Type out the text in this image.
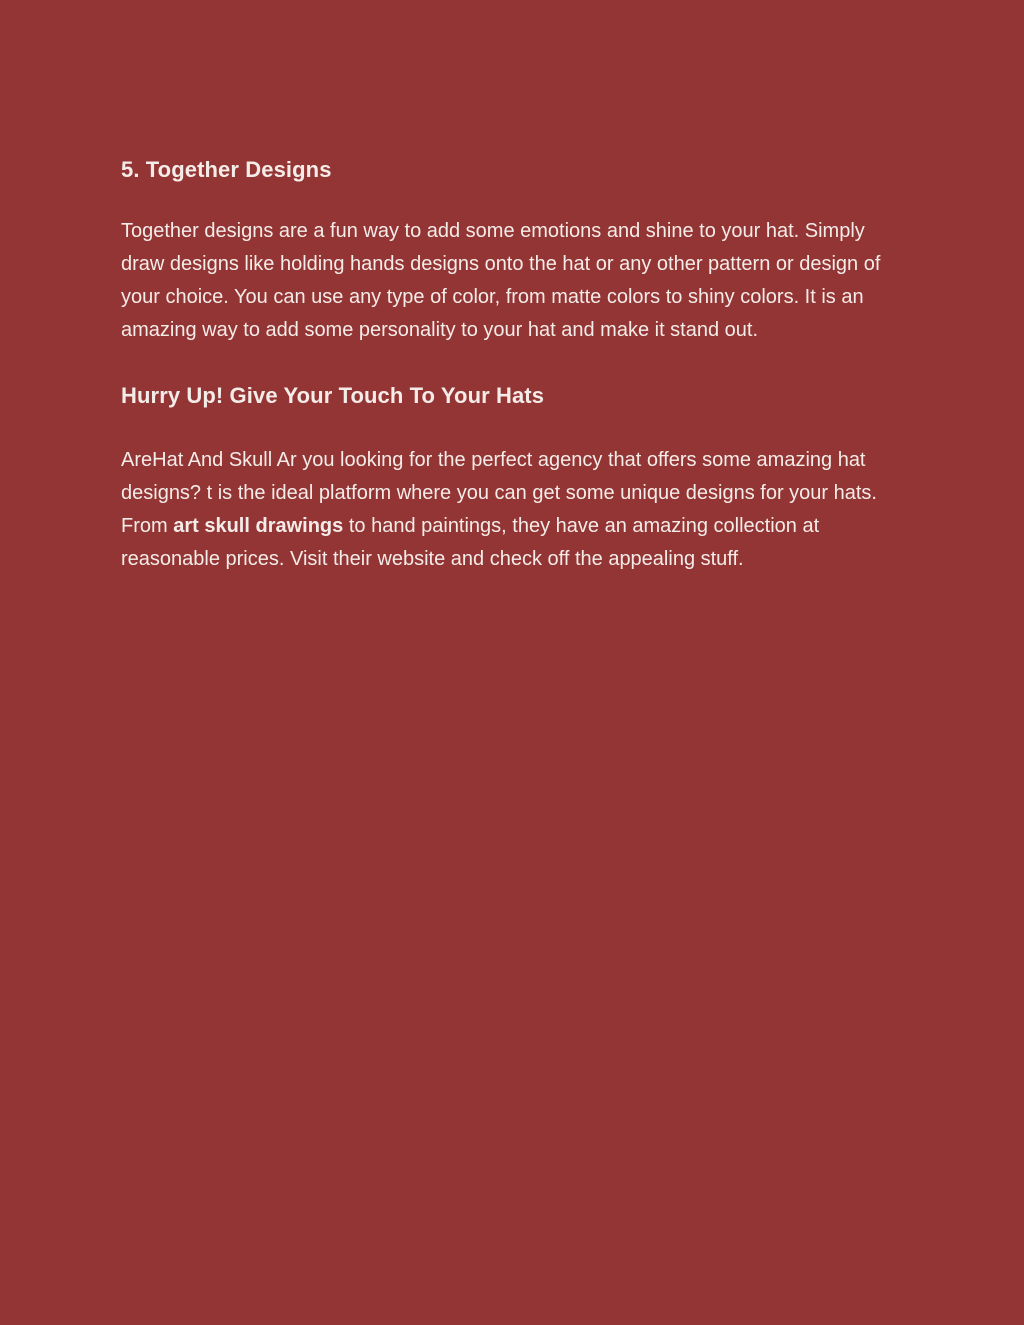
5. Together Designs

Together designs are a fun way to add some emotions and shine to your hat. Simply draw designs like holding hands designs onto the hat or any other pattern or design of your choice. You can use any type of color, from matte colors to shiny colors. It is an amazing way to add some personality to your hat and make it stand out.

Hurry Up! Give Your Touch To Your Hats

AreHat And Skull Ar you looking for the perfect agency that offers some amazing hat designs? t is the ideal platform where you can get some unique designs for your hats. From art skull drawings to hand paintings, they have an amazing collection at reasonable prices. Visit their website and check off the appealing stuff.
